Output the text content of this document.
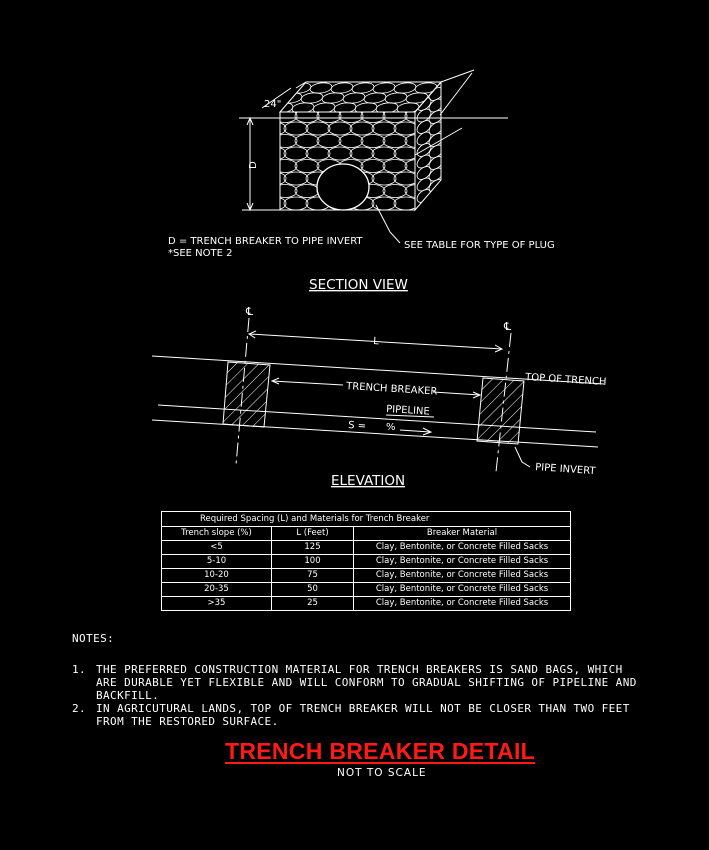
24"
D
D = TRENCH BREAKER TO PIPE INVERT
*SEE NOTE 2
SEE TABLE FOR TYPE OF PLUG
SECTION VIEW
℄
℄
L
TOP OF TRENCH
TRENCH BREAKER
PIPELINE
S = %
PIPE INVERT
ELEVATION
Required Spacing (L) and Materials for Trench Breaker		
Trench slope (%)	L (Feet)	Breaker Material
<5	125	Clay, Bentonite, or Concrete Filled Sacks
5-10	100	Clay, Bentonite, or Concrete Filled Sacks
10-20	75	Clay, Bentonite, or Concrete Filled Sacks
20-35	50	Clay, Bentonite, or Concrete Filled Sacks
>35	25	Clay, Bentonite, or Concrete Filled Sacks
NOTES:
1. THE PREFERRED CONSTRUCTION MATERIAL FOR TRENCH BREAKERS IS SAND BAGS, WHICH ARE DURABLE YET FLEXIBLE AND WILL CONFORM TO GRADUAL SHIFTING OF PIPELINE AND BACKFILL.
2. IN AGRICUTURAL LANDS, TOP OF TRENCH BREAKER WILL NOT BE CLOSER THAN TWO FEET FROM THE RESTORED SURFACE.
TRENCH BREAKER DETAIL
NOT TO SCALE
